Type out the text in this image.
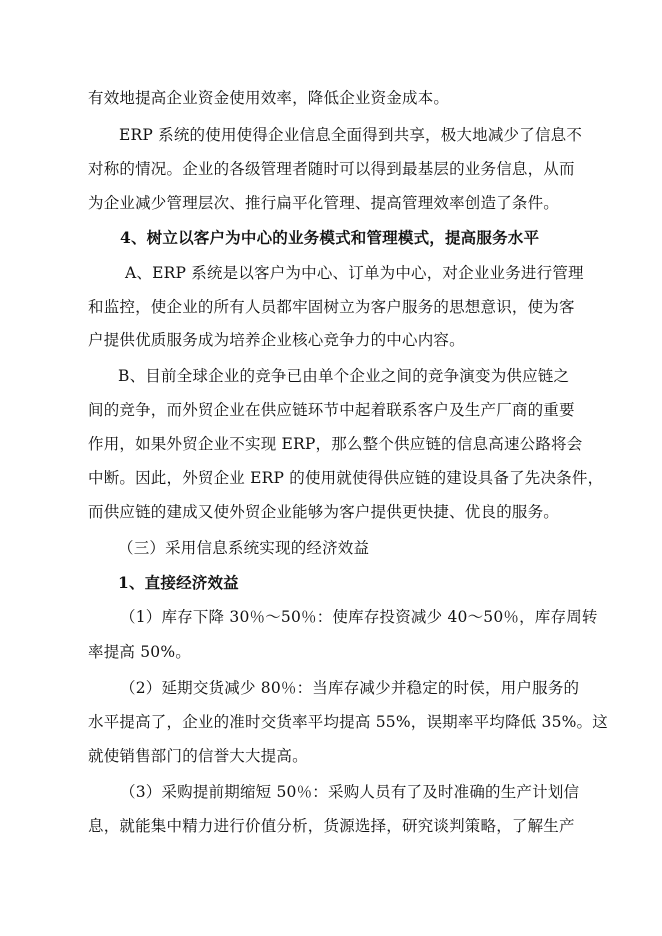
有效地提高企业资金使用效率，降低企业资金成本。
ERP 系统的使用使得企业信息全面得到共享，极大地减少了信息不
对称的情况。企业的各级管理者随时可以得到最基层的业务信息，从而
为企业减少管理层次、推行扁平化管理、提高管理效率创造了条件。
4、树立以客户为中心的业务模式和管理模式，提高服务水平
A、ERP 系统是以客户为中心、订单为中心，对企业业务进行管理
和监控，使企业的所有人员都牢固树立为客户服务的思想意识，使为客
户提供优质服务成为培养企业核心竞争力的中心内容。
B、目前全球企业的竞争已由单个企业之间的竞争演变为供应链之
间的竞争，而外贸企业在供应链环节中起着联系客户及生产厂商的重要
作用，如果外贸企业不实现 ERP，那么整个供应链的信息高速公路将会
中断。因此，外贸企业 ERP 的使用就使得供应链的建设具备了先决条件，
而供应链的建成又使外贸企业能够为客户提供更快捷、优良的服务。
（三）采用信息系统实现的经济效益
1、直接经济效益
（1）库存下降 30％～50％：使库存投资减少 40～50％，库存周转
率提高 50%。
（2）延期交货减少 80％：当库存减少并稳定的时侯，用户服务的
水平提高了，企业的准时交货率平均提高 55%，误期率平均降低 35%。这
就使销售部门的信誉大大提高。
（3）采购提前期缩短 50％：采购人员有了及时准确的生产计划信
息，就能集中精力进行价值分析，货源选择，研究谈判策略，了解生产
